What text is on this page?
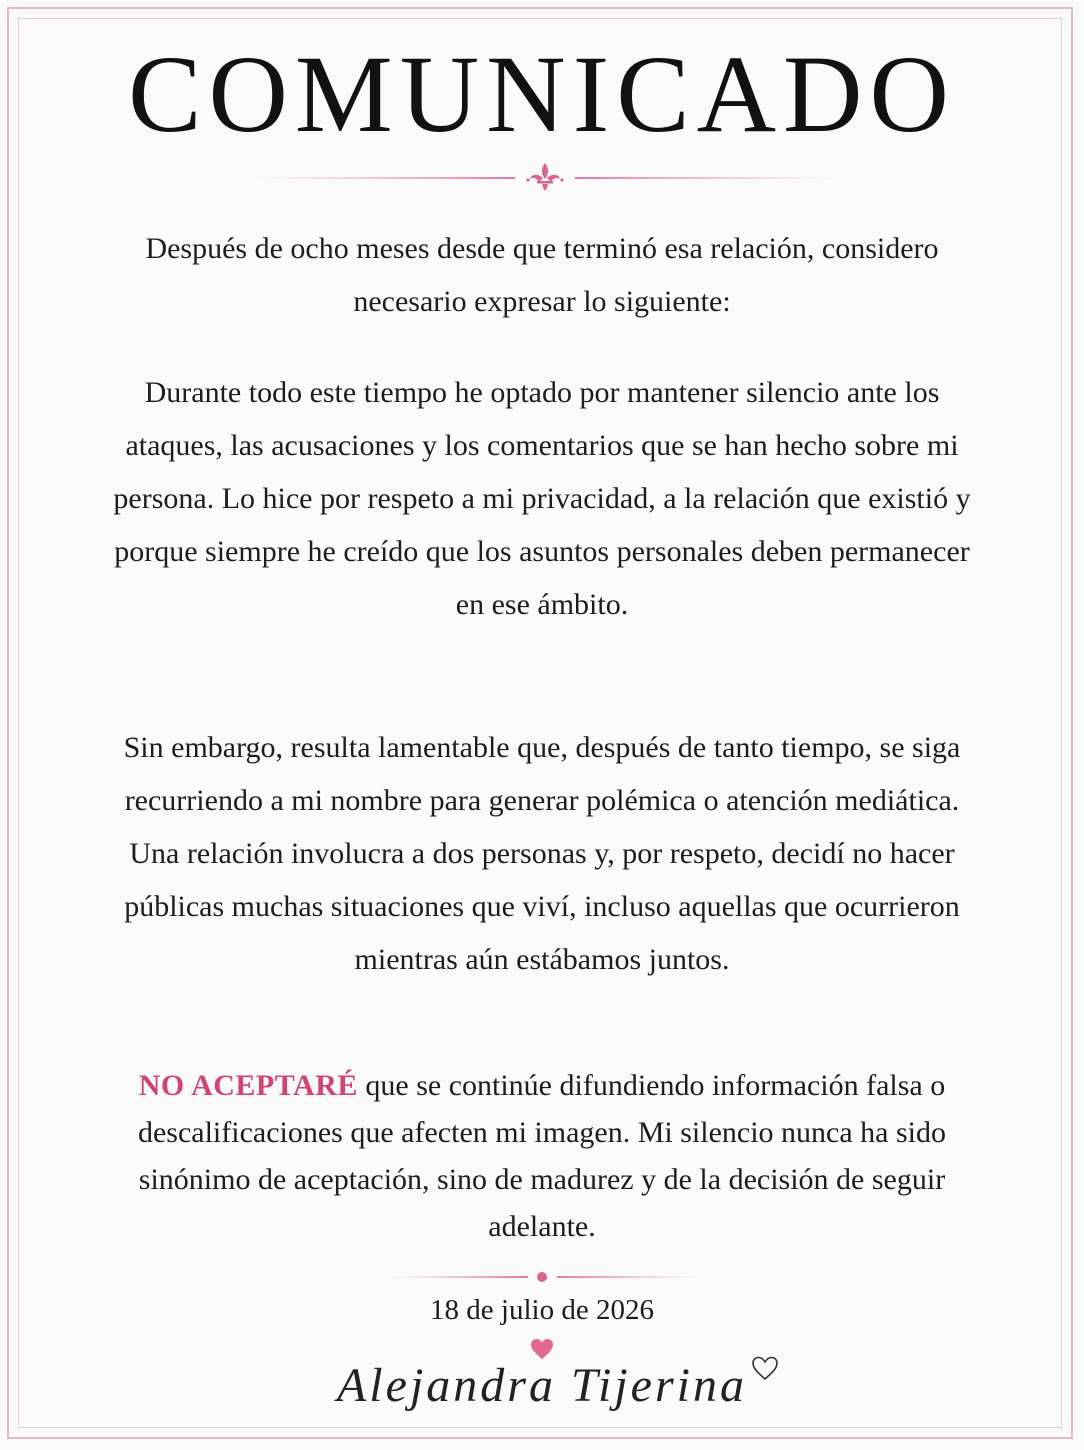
COMUNICADO

Después de ocho meses desde que terminó esa relación, considero necesario expresar lo siguiente:

Durante todo este tiempo he optado por mantener silencio ante los ataques, las acusaciones y los comentarios que se han hecho sobre mi persona. Lo hice por respeto a mi privacidad, a la relación que existió y porque siempre he creído que los asuntos personales deben permanecer en ese ámbito.

Sin embargo, resulta lamentable que, después de tanto tiempo, se siga recurriendo a mi nombre para generar polémica o atención mediática. Una relación involucra a dos personas y, por respeto, decidí no hacer públicas muchas situaciones que viví, incluso aquellas que ocurrieron mientras aún estábamos juntos.

NO ACEPTARÉ que se continúe difundiendo información falsa o descalificaciones que afecten mi imagen. Mi silencio nunca ha sido sinónimo de aceptación, sino de madurez y de la decisión de seguir adelante.

18 de julio de 2026
Alejandra Tijerina
